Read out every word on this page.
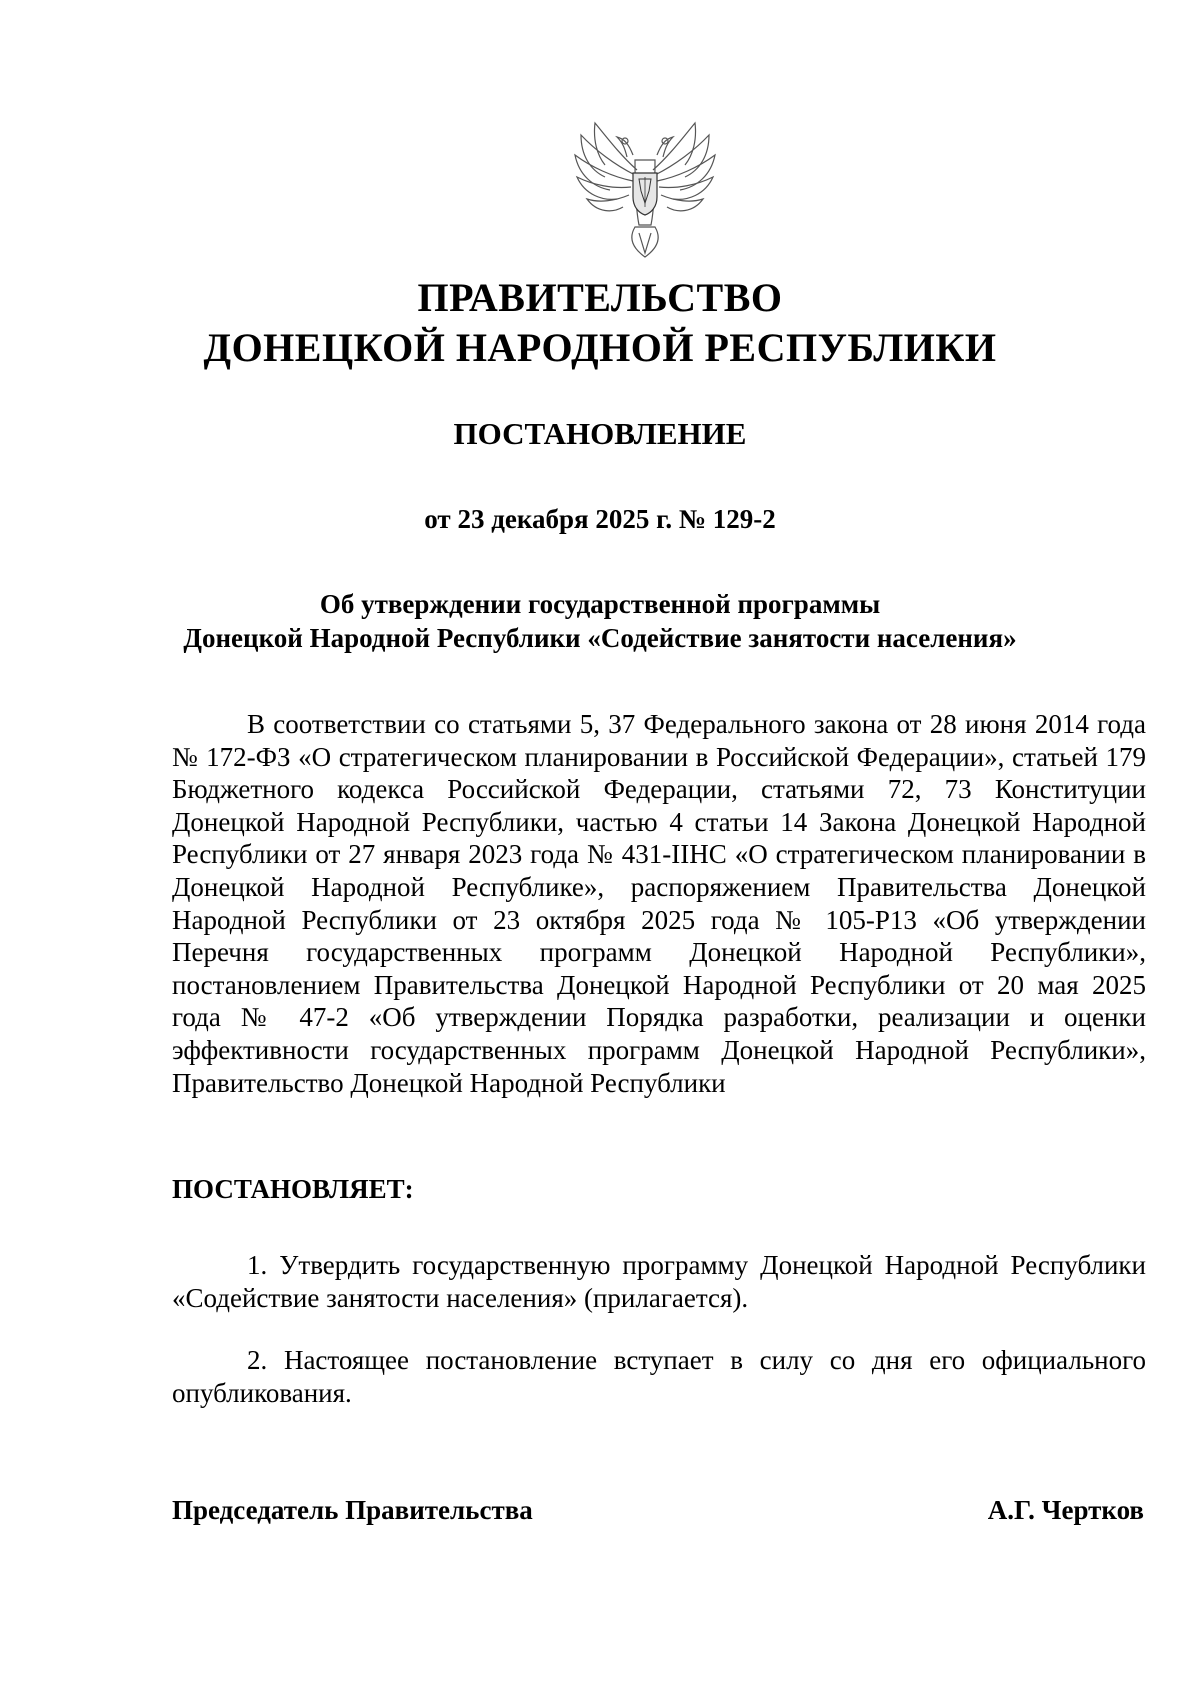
ПРАВИТЕЛЬСТВО
ДОНЕЦКОЙ НАРОДНОЙ РЕСПУБЛИКИ
ПОСТАНОВЛЕНИЕ
от 23 декабря 2025 г. № 129-2
Об утверждении государственной программы
Донецкой Народной Республики «Содействие занятости населения»

В соответствии со статьями 5, 37 Федерального закона от 28 июня 2014 года № 172-ФЗ «О стратегическом планировании в Российской Федерации», статьей 179 Бюджетного кодекса Российской Федерации, статьями 72, 73 Конституции Донецкой Народной Республики, частью 4 статьи 14 Закона Донецкой Народной Республики от 27 января 2023 года № 431-IIНС «О стратегическом планировании в Донецкой Народной Республике», распоряжением Правительства Донецкой Народной Республики от 23 октября 2025 года № 105-Р13 «Об утверждении Перечня государственных программ Донецкой Народной Республики», постановлением Правительства Донецкой Народной Республики от 20 мая 2025 года № 47-2 «Об утверждении Порядка разработки, реализации и оценки эффективности государственных программ Донецкой Народной Республики», Правительство Донецкой Народной Республики

ПОСТАНОВЛЯЕТ:

1. Утвердить государственную программу Донецкой Народной Республики «Содействие занятости населения» (прилагается).

2. Настоящее постановление вступает в силу со дня его официального опубликования.

Председатель Правительства	А.Г. Чертков
